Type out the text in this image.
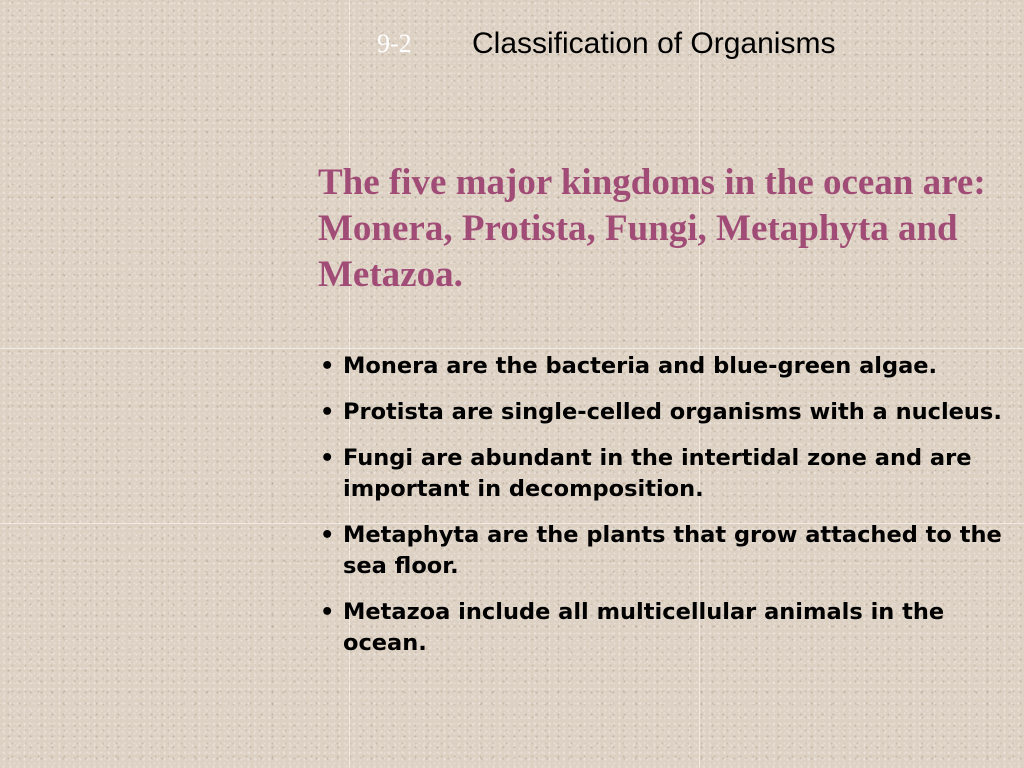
9-2 Classification of Organisms
The five major kingdoms in the ocean are: Monera, Protista, Fungi, Metaphyta and Metazoa.
• Monera are the bacteria and blue-green algae.
• Protista are single-celled organisms with a nucleus.
• Fungi are abundant in the intertidal zone and are important in decomposition.
• Metaphyta are the plants that grow attached to the sea floor.
• Metazoa include all multicellular animals in the ocean.
